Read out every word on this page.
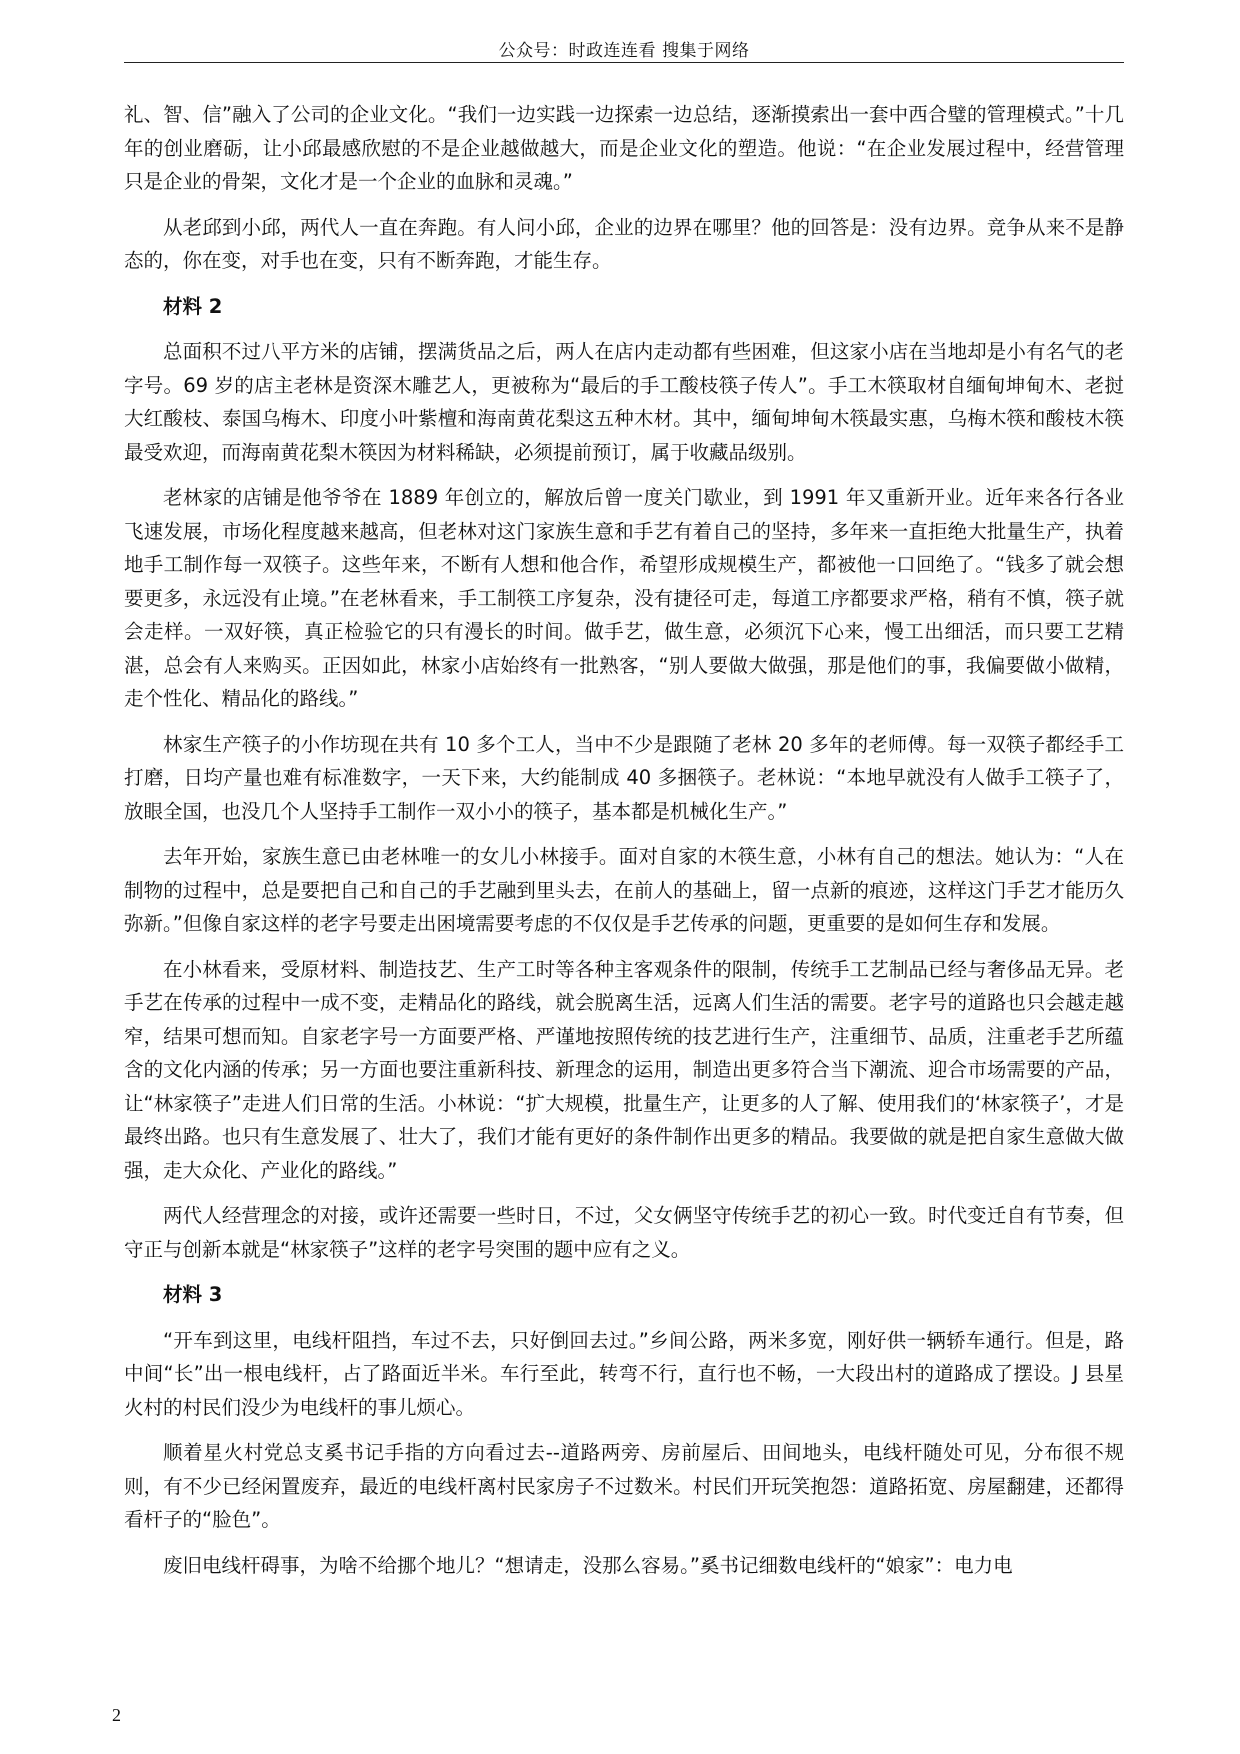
公众号：时政连连看 搜集于网络

礼、智、信”融入了公司的企业文化。“我们一边实践一边探索一边总结，逐渐摸索出一套中西合璧的管理模式。”十几年的创业磨砺，让小邱最感欣慰的不是企业越做越大，而是企业文化的塑造。他说：“在企业发展过程中，经营管理只是企业的骨架，文化才是一个企业的血脉和灵魂。”

从老邱到小邱，两代人一直在奔跑。有人问小邱，企业的边界在哪里？他的回答是：没有边界。竞争从来不是静态的，你在变，对手也在变，只有不断奔跑，才能生存。

材料 2

总面积不过八平方米的店铺，摆满货品之后，两人在店内走动都有些困难，但这家小店在当地却是小有名气的老字号。69 岁的店主老林是资深木雕艺人，更被称为“最后的手工酸枝筷子传人”。手工木筷取材自缅甸坤甸木、老挝大红酸枝、泰国乌梅木、印度小叶紫檀和海南黄花梨这五种木材。其中，缅甸坤甸木筷最实惠，乌梅木筷和酸枝木筷最受欢迎，而海南黄花梨木筷因为材料稀缺，必须提前预订，属于收藏品级别。

老林家的店铺是他爷爷在 1889 年创立的，解放后曾一度关门歇业，到 1991 年又重新开业。近年来各行各业飞速发展，市场化程度越来越高，但老林对这门家族生意和手艺有着自己的坚持，多年来一直拒绝大批量生产，执着地手工制作每一双筷子。这些年来，不断有人想和他合作，希望形成规模生产，都被他一口回绝了。“钱多了就会想要更多，永远没有止境。”在老林看来，手工制筷工序复杂，没有捷径可走，每道工序都要求严格，稍有不慎，筷子就会走样。一双好筷，真正检验它的只有漫长的时间。做手艺，做生意，必须沉下心来，慢工出细活，而只要工艺精湛，总会有人来购买。正因如此，林家小店始终有一批熟客，“别人要做大做强，那是他们的事，我偏要做小做精，走个性化、精品化的路线。”

林家生产筷子的小作坊现在共有 10 多个工人，当中不少是跟随了老林 20 多年的老师傅。每一双筷子都经手工打磨，日均产量也难有标准数字，一天下来，大约能制成 40 多捆筷子。老林说：“本地早就没有人做手工筷子了，放眼全国，也没几个人坚持手工制作一双小小的筷子，基本都是机械化生产。”

去年开始，家族生意已由老林唯一的女儿小林接手。面对自家的木筷生意，小林有自己的想法。她认为：“人在制物的过程中，总是要把自己和自己的手艺融到里头去，在前人的基础上，留一点新的痕迹，这样这门手艺才能历久弥新。”但像自家这样的老字号要走出困境需要考虑的不仅仅是手艺传承的问题，更重要的是如何生存和发展。

在小林看来，受原材料、制造技艺、生产工时等各种主客观条件的限制，传统手工艺制品已经与奢侈品无异。老手艺在传承的过程中一成不变，走精品化的路线，就会脱离生活，远离人们生活的需要。老字号的道路也只会越走越窄，结果可想而知。自家老字号一方面要严格、严谨地按照传统的技艺进行生产，注重细节、品质，注重老手艺所蕴含的文化内涵的传承；另一方面也要注重新科技、新理念的运用，制造出更多符合当下潮流、迎合市场需要的产品，让“林家筷子”走进人们日常的生活。小林说：“扩大规模，批量生产，让更多的人了解、使用我们的‘林家筷子’，才是最终出路。也只有生意发展了、壮大了，我们才能有更好的条件制作出更多的精品。我要做的就是把自家生意做大做强，走大众化、产业化的路线。”

两代人经营理念的对接，或许还需要一些时日，不过，父女俩坚守传统手艺的初心一致。时代变迁自有节奏，但守正与创新本就是“林家筷子”这样的老字号突围的题中应有之义。

材料 3

“开车到这里，电线杆阻挡，车过不去，只好倒回去过。”乡间公路，两米多宽，刚好供一辆轿车通行。但是，路中间“长”出一根电线杆，占了路面近半米。车行至此，转弯不行，直行也不畅，一大段出村的道路成了摆设。J 县星火村的村民们没少为电线杆的事儿烦心。

顺着星火村党总支奚书记手指的方向看过去--道路两旁、房前屋后、田间地头，电线杆随处可见，分布很不规则，有不少已经闲置废弃，最近的电线杆离村民家房子不过数米。村民们开玩笑抱怨：道路拓宽、房屋翻建，还都得看杆子的“脸色”。

废旧电线杆碍事，为啥不给挪个地儿？“想请走，没那么容易。”奚书记细数电线杆的“娘家”：电力电

2
